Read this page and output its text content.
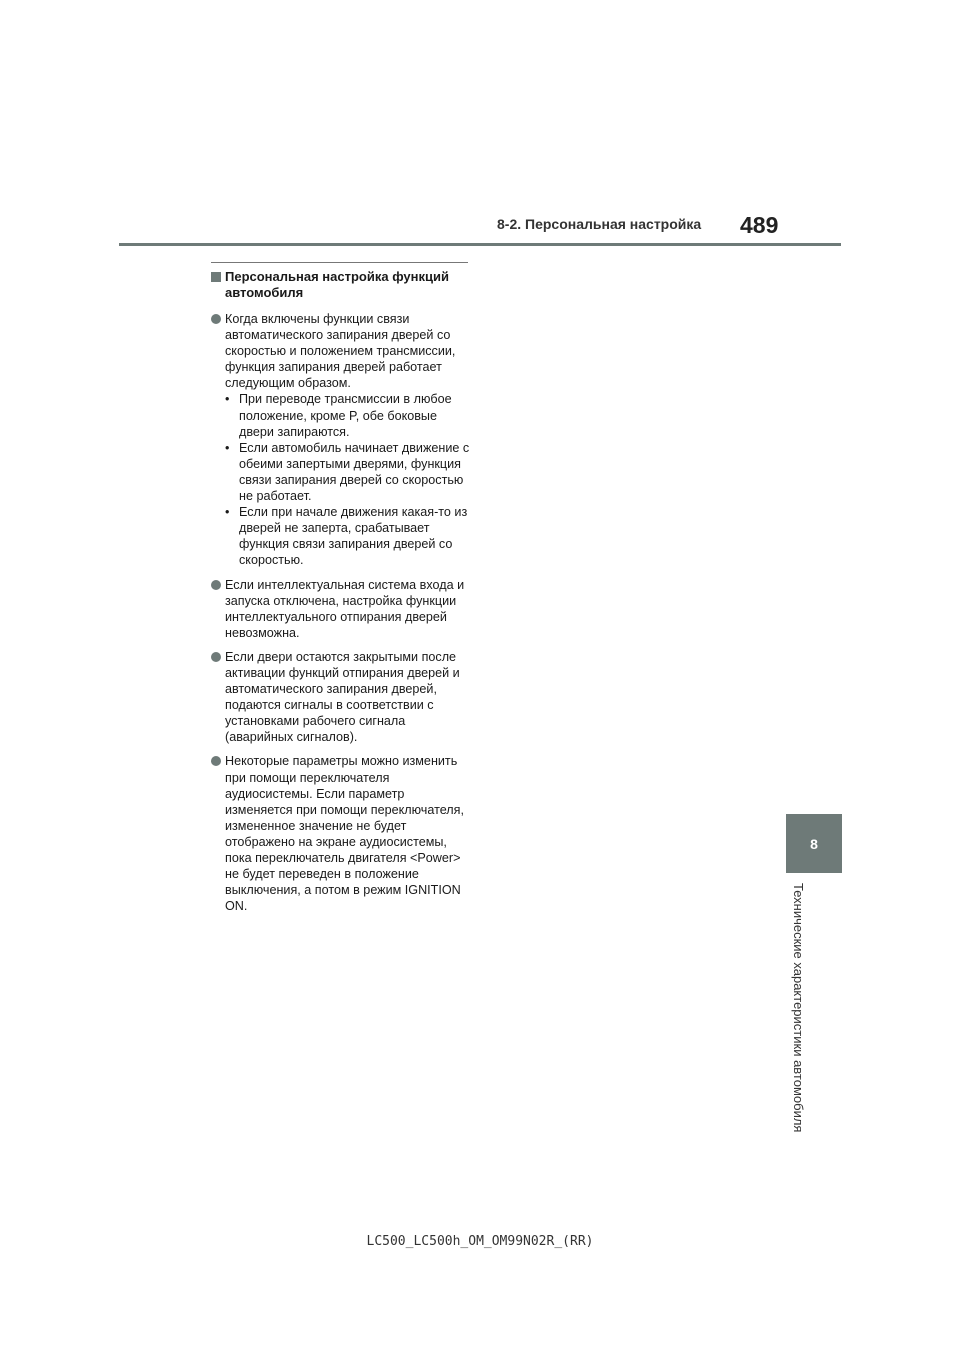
8-2. Персональная настройка 489
8
Технические характеристики автомобиля
Персональная настройка функций автомобиля
Когда включены функции связи автоматического запирания дверей со скоростью и положением трансмиссии, функция запирания дверей работает следующим образом.
• При переводе трансмиссии в любое положение, кроме P, обе боковые двери запираются.
• Если автомобиль начинает движение с обеими запертыми дверями, функция связи запирания дверей со скоростью не работает.
• Если при начале движения какая-то из дверей не заперта, срабатывает функция связи запирания дверей со скоростью.
Если интеллектуальная система входа и запуска отключена, настройка функции интеллектуального отпирания дверей невозможна.
Если двери остаются закрытыми после активации функций отпирания дверей и автоматического запирания дверей, подаются сигналы в соответствии с установками рабочего сигнала (аварийных сигналов).
Некоторые параметры можно изменить при помощи переключателя аудиосистемы. Если параметр изменяется при помощи переключателя, измененное значение не будет отображено на экране аудиосистемы, пока переключатель двигателя <Power> не будет переведен в положение выключения, а потом в режим IGNITION ON.
LC500_LC500h_OM_OM99N02R_(RR)
